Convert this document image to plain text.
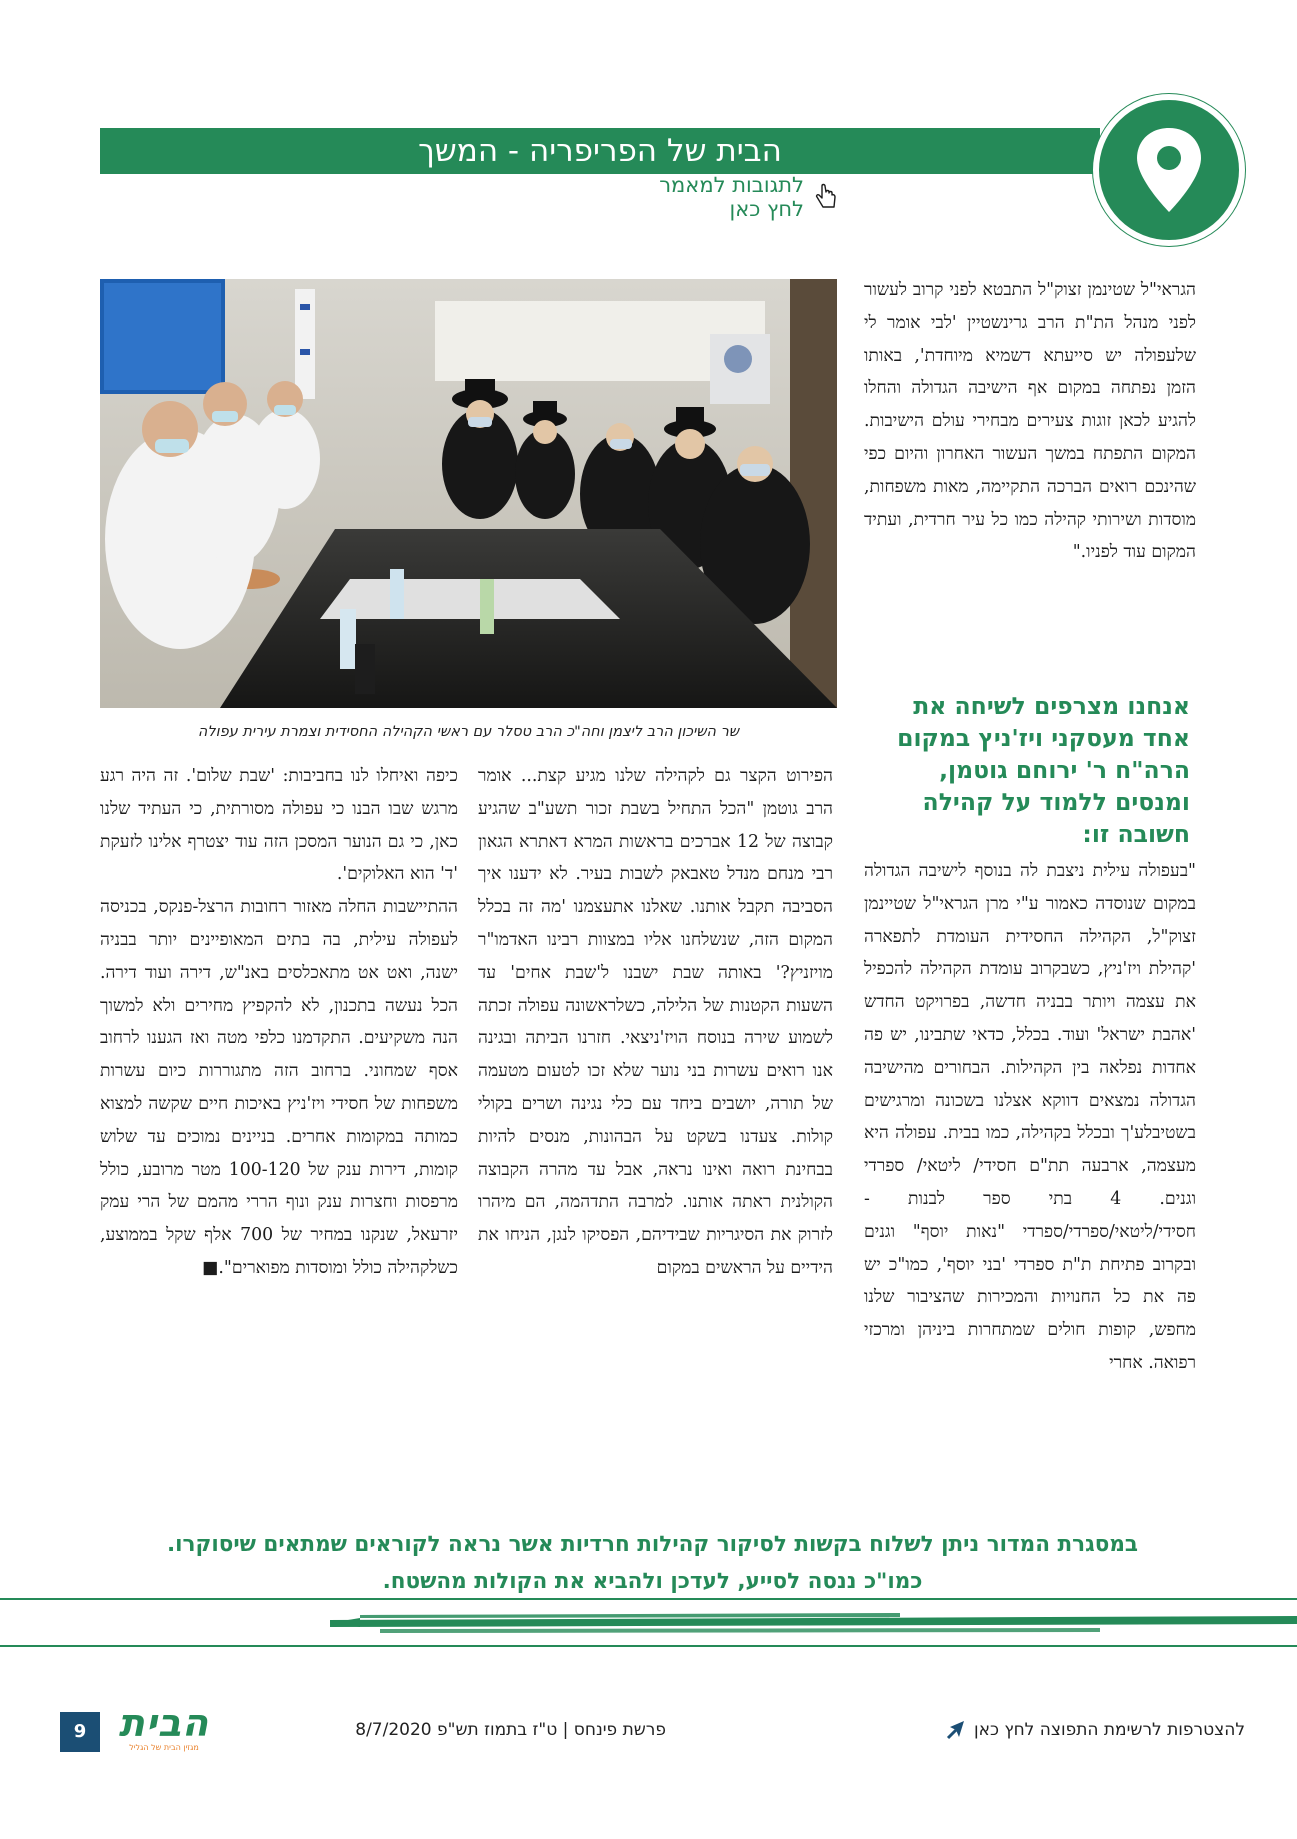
הבית של הפריפריה - המשך
לתגובות למאמר לחץ כאן

הגראי"ל שטינמן זצוק"ל התבטא לפני קרוב לעשור לפני מנהל הת"ת הרב גרינשטיין 'לבי אומר לי שלעפולה יש סייעתא דשמיא מיוחדת', באותו הזמן נפתחה במקום אף הישיבה הגדולה והחלו להגיע לכאן זוגות צעירים מבחירי עולם הישיבות. המקום התפתח במשך העשור האחרון והיום כפי שהינכם רואים הברכה התקיימה, מאות משפחות, מוסדות ושירותי קהילה כמו כל עיר חרדית, ועתיד המקום עוד לפניו."

אנחנו מצרפים לשיחה את אחד מעסקני ויז'ניץ במקום הרה"ח ר' ירוחם גוטמן, ומנסים ללמוד על קהילה חשובה זו:

"בעפולה עילית ניצבת לה בנוסף לישיבה הגדולה במקום שנוסדה כאמור ע"י מרן הגראי"ל שטיינמן זצוק"ל, הקהילה החסידית העומדת לתפארה 'קהילת ויז'ניץ, כשבקרוב עומדת הקהילה להכפיל את עצמה ויותר בבניה חדשה, בפרויקט החדש 'אהבת ישראל' ועוד. בכלל, כדאי שתבינו, יש פה אחדות נפלאה בין הקהילות. הבחורים מהישיבה הגדולה נמצאים דווקא אצלנו בשכונה ומרגישים בשטיבלע'ך ובכלל בקהילה, כמו בבית. עפולה היא מעצמה, ארבעה תת"ם חסידי/ ליטאי/ ספרדי וגנים. 4 בתי ספר לבנות - חסידי/ליטאי/ספרדי/ספרדי "נאות יוסף" וגנים ובקרוב פתיחת ת"ת ספרדי 'בני יוסף', כמו"כ יש פה את כל החנויות והמכירות שהציבור שלנו מחפש, קופות חולים שמתחרות ביניהן ומרכזי רפואה. אחרי

שר השיכון הרב ליצמן וחה"כ הרב טסלר עם ראשי הקהילה החסידית וצמרת עירית עפולה

הפירוט הקצר גם לקהילה שלנו מגיע קצת... אומר הרב גוטמן "הכל התחיל בשבת זכור תשע"ב שהגיע קבוצה של 12 אברכים בראשות המרא דאתרא הגאון רבי מנחם מנדל טאבאק לשבות בעיר. לא ידענו איך הסביבה תקבל אותנו. שאלנו אתעצמנו 'מה זה בכלל המקום הזה, שנשלחנו אליו במצוות רבינו האדמו"ר מויזניץ?' באותה שבת ישבנו ל'שבת אחים' עד השעות הקטנות של הלילה, כשלראשונה עפולה זכתה לשמוע שירה בנוסח הויז'ניצאי. חזרנו הביתה ובגינה אנו רואים עשרות בני נוער שלא זכו לטעום מטעמה של תורה, יושבים ביחד עם כלי נגינה ושרים בקולי קולות. צעדנו בשקט על הבהונות, מנסים להיות בבחינת רואה ואינו נראה, אבל עד מהרה הקבוצה הקולנית ראתה אותנו. למרבה התדהמה, הם מיהרו לזרוק את הסיגריות שבידיהם, הפסיקו לנגן, הניחו את הידיים על הראשים במקום

כיפה ואיחלו לנו בחביבות: 'שבת שלום'. זה היה רגע מרגש שבו הבנו כי עפולה מסורתית, כי העתיד שלנו כאן, כי גם הנוער המסכן הזה עוד יצטרף אלינו לזעקת 'ד' הוא האלוקים'.

ההתיישבות החלה מאזור רחובות הרצל-פנקס, בכניסה לעפולה עילית, בה בתים המאופיינים יותר בבניה ישנה, ואט אט מתאכלסים באנ"ש, דירה ועוד דירה. הכל נעשה בתכנון, לא להקפיץ מחירים ולא למשוך הנה משקיעים. התקדמנו כלפי מטה ואז הגענו לרחוב אסף שמחוני. ברחוב הזה מתגוררות כיום עשרות משפחות של חסידי ויז'ניץ באיכות חיים שקשה למצוא כמותה במקומות אחרים. בניינים נמוכים עד שלוש קומות, דירות ענק של 100-120 מטר מרובע, כולל מרפסות וחצרות ענק ונוף הררי מהמם של הרי עמק יזרעאל, שנקנו במחיר של 700 אלף שקל בממוצע, כשלקהילה כולל ומוסדות מפוארים".■

במסגרת המדור ניתן לשלוח בקשות לסיקור קהילות חרדיות אשר נראה לקוראים שמתאים שיסוקרו.
כמו"כ ננסה לסייע, לעדכן ולהביא את הקולות מהשטח.
9 הבית
מגזין הבית של הגליל
פרשת פינחס | ט"ז בתמוז תש"פ 8/7/2020	להצטרפות לרשימת התפוצה לחץ כאן
